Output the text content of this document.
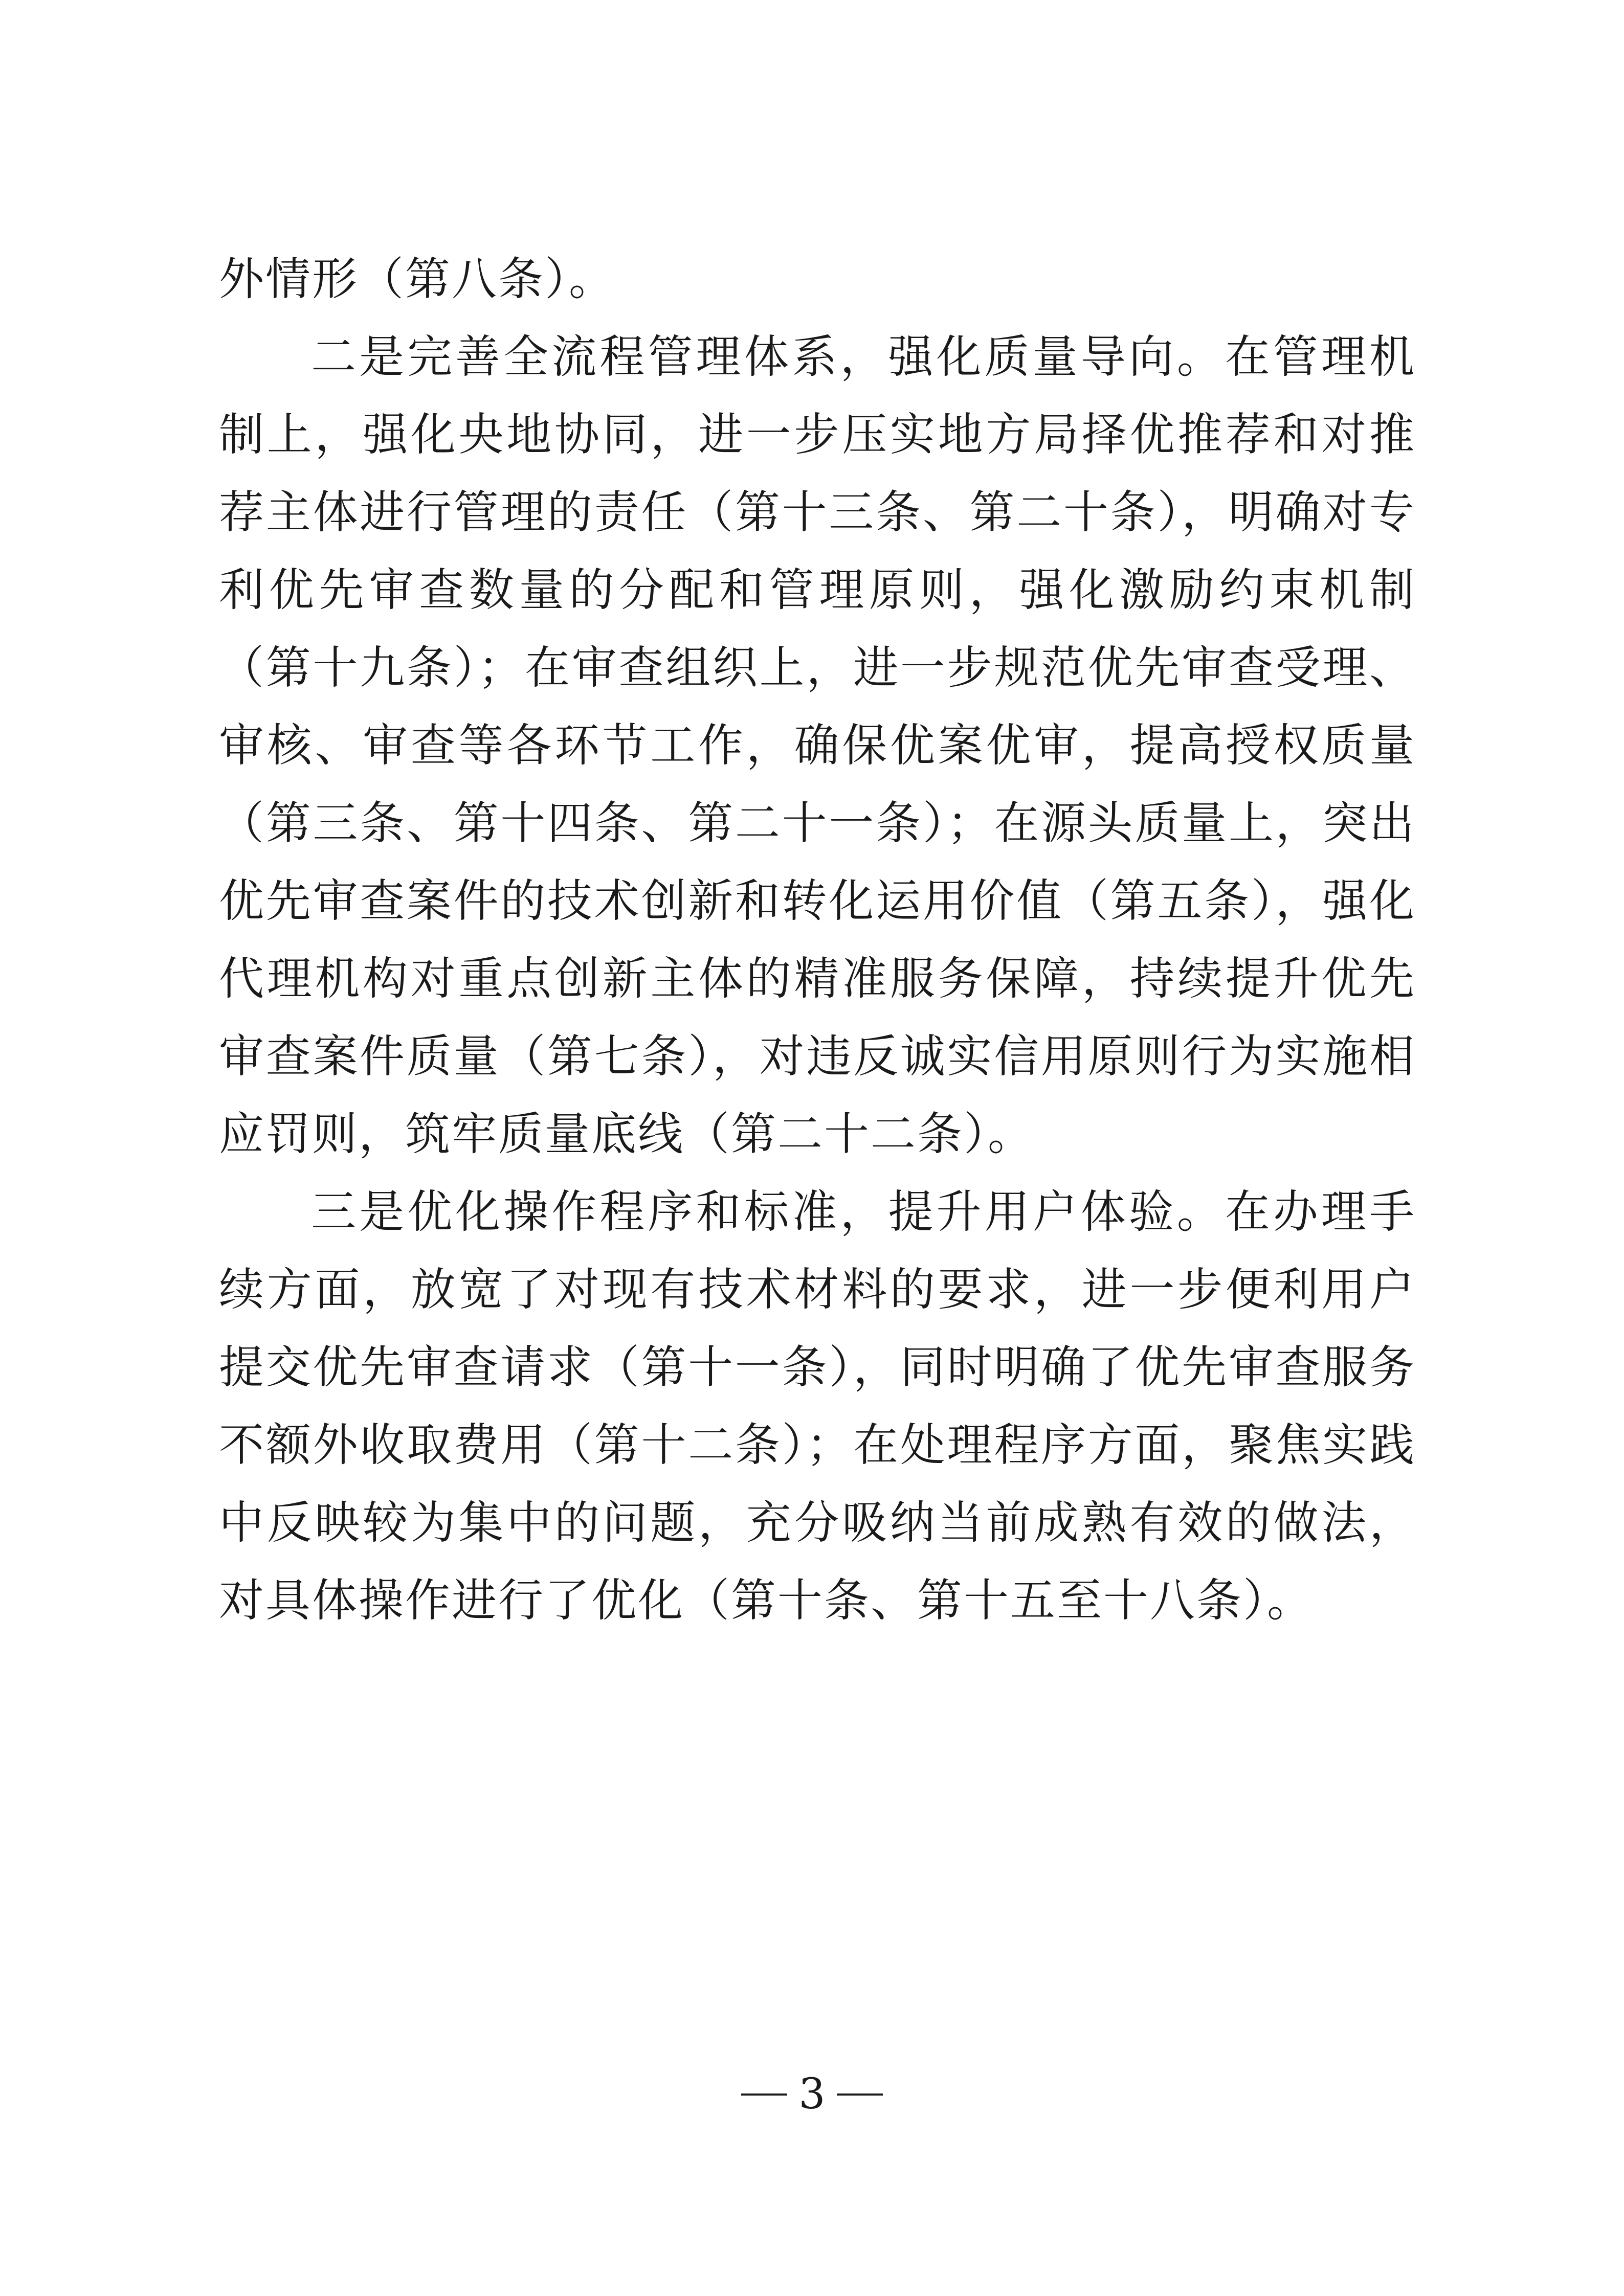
外情形（第八条）。

二是完善全流程管理体系，强化质量导向。在管理机制上，强化央地协同，进一步压实地方局择优推荐和对推荐主体进行管理的责任（第十三条、第二十条），明确对专利优先审查数量的分配和管理原则，强化激励约束机制（第十九条）；在审查组织上，进一步规范优先审查受理、审核、审查等各环节工作，确保优案优审，提高授权质量（第三条、第十四条、第二十一条）；在源头质量上，突出优先审查案件的技术创新和转化运用价值（第五条），强化代理机构对重点创新主体的精准服务保障，持续提升优先审查案件质量（第七条），对违反诚实信用原则行为实施相应罚则，筑牢质量底线（第二十二条）。

三是优化操作程序和标准，提升用户体验。在办理手续方面，放宽了对现有技术材料的要求，进一步便利用户提交优先审查请求（第十一条），同时明确了优先审查服务不额外收取费用（第十二条）；在处理程序方面，聚焦实践中反映较为集中的问题，充分吸纳当前成熟有效的做法，对具体操作进行了优化（第十条、第十五至十八条）。

3
